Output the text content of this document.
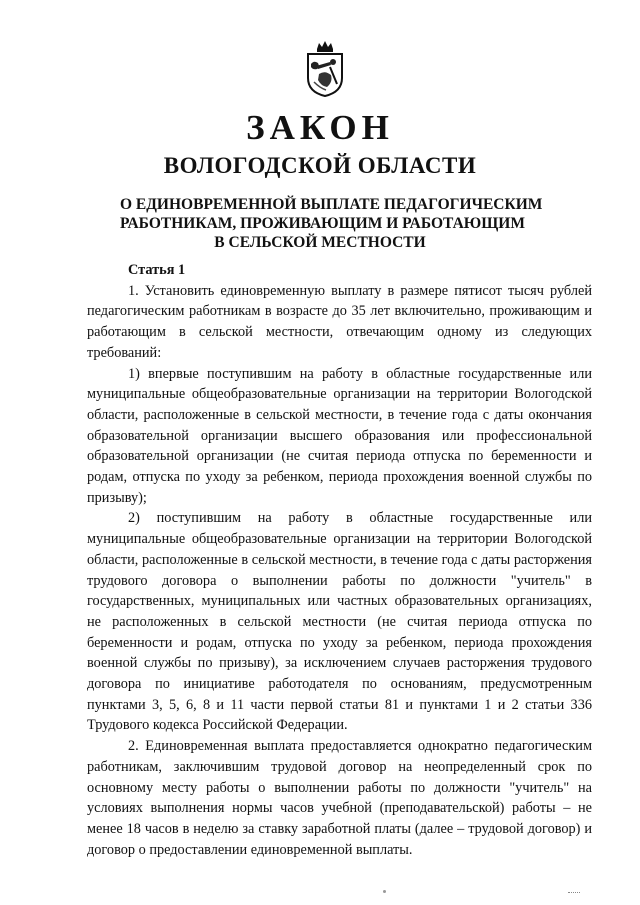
ЗАКОН
ВОЛОГОДСКОЙ ОБЛАСТИ
О ЕДИНОВРЕМЕННОЙ ВЫПЛАТЕ ПЕДАГОГИЧЕСКИМ
РАБОТНИКАМ, ПРОЖИВАЮЩИМ И РАБОТАЮЩИМ
В СЕЛЬСКОЙ МЕСТНОСТИ

Статья 1

1. Установить единовременную выплату в размере пятисот тысяч рублей педагогическим работникам в возрасте до 35 лет включительно, проживающим и работающим в сельской местности, отвечающим одному из следующих требований:

1) впервые поступившим на работу в областные государственные или муниципальные общеобразовательные организации на территории Вологодской области, расположенные в сельской местности, в течение года с даты окончания образовательной организации высшего образования или профессиональной образовательной организации (не считая периода отпуска по беременности и родам, отпуска по уходу за ребенком, периода прохождения военной службы по призыву);

2) поступившим на работу в областные государственные или муниципальные общеобразовательные организации на территории Вологодской области, расположенные в сельской местности, в течение года с даты расторжения трудового договора о выполнении работы по должности "учитель" в государственных, муниципальных или частных образовательных организациях, не расположенных в сельской местности (не считая периода отпуска по беременности и родам, отпуска по уходу за ребенком, периода прохождения военной службы по призыву), за исключением случаев расторжения трудового договора по инициативе работодателя по основаниям, предусмотренным пунктами 3, 5, 6, 8 и 11 части первой статьи 81 и пунктами 1 и 2 статьи 336 Трудового кодекса Российской Федерации.

2. Единовременная выплата предоставляется однократно педагогическим работникам, заключившим трудовой договор на неопределенный срок по основному месту работы о выполнении работы по должности "учитель" на условиях выполнения нормы часов учебной (преподавательской) работы – не менее 18 часов в неделю за ставку заработной платы (далее – трудовой договор) и договор о предоставлении единовременной выплаты.
